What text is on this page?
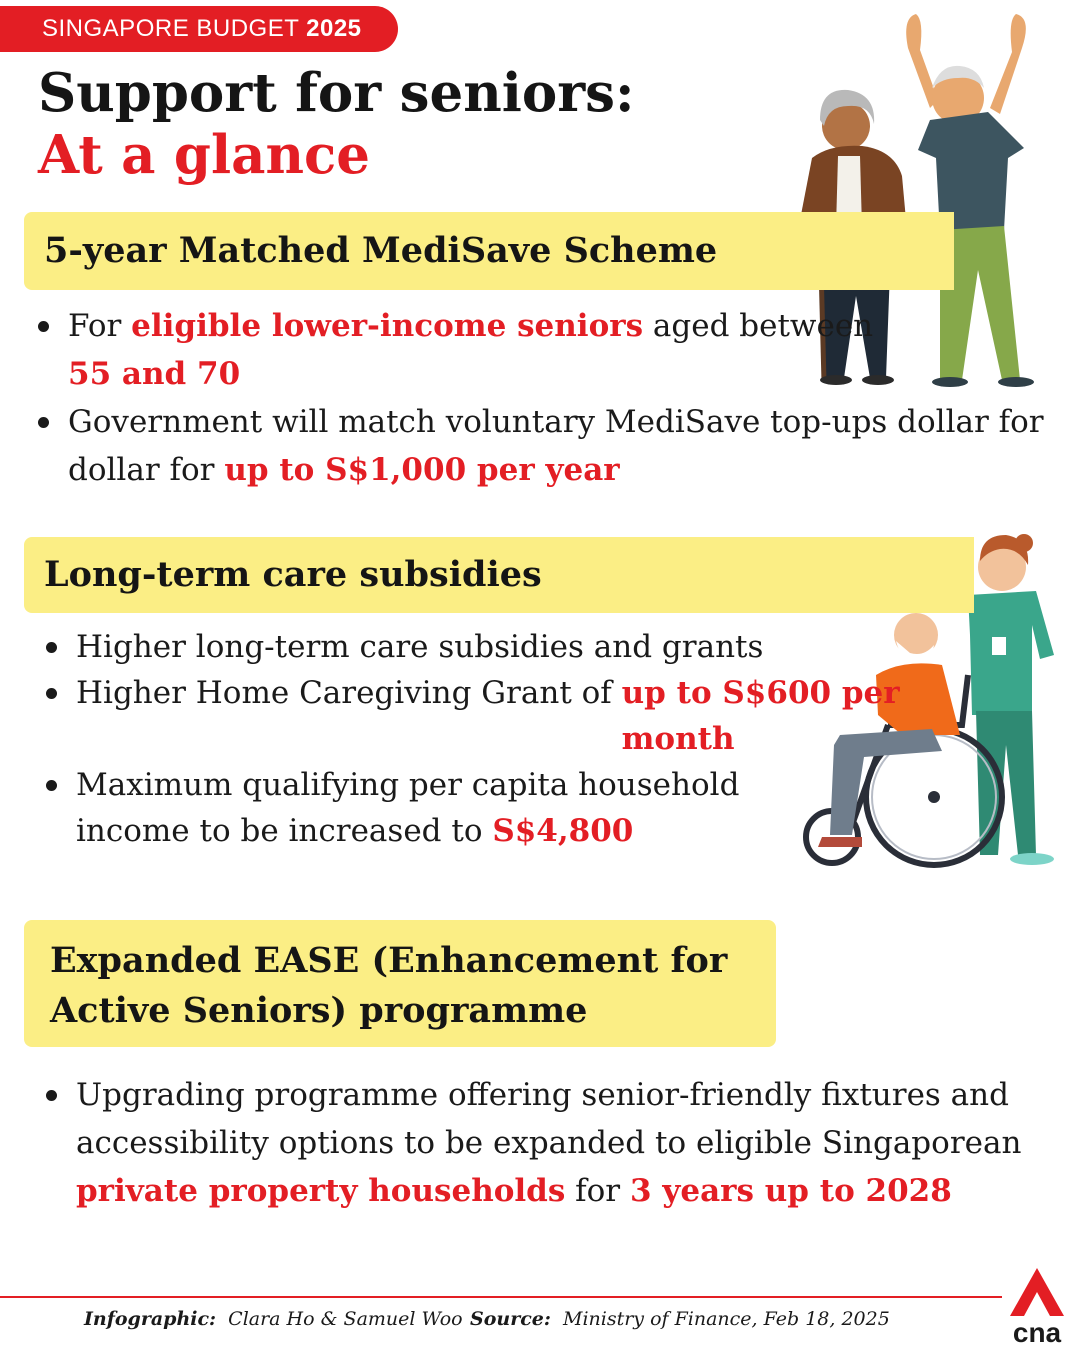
SINGAPORE BUDGET 2025
Support for seniors:
At a glance
5-year Matched MediSave Scheme
For eligible lower-income seniors aged between
55 and 70
Government will match voluntary MediSave top-ups dollar for dollar for up to S$1,000 per year
Long-term care subsidies
Higher long-term care subsidies and grants
Higher Home Caregiving Grant of up to S$600 per month
Maximum qualifying per capita household income to be increased to S$4,800
Expanded EASE (Enhancement for
Active Seniors) programme
Upgrading programme offering senior-friendly fixtures and accessibility options to be expanded to eligible Singaporean private property households for 3 years up to 2028
Infographic: Clara Ho & Samuel Woo Source: Ministry of Finance, Feb 18, 2025	cna
